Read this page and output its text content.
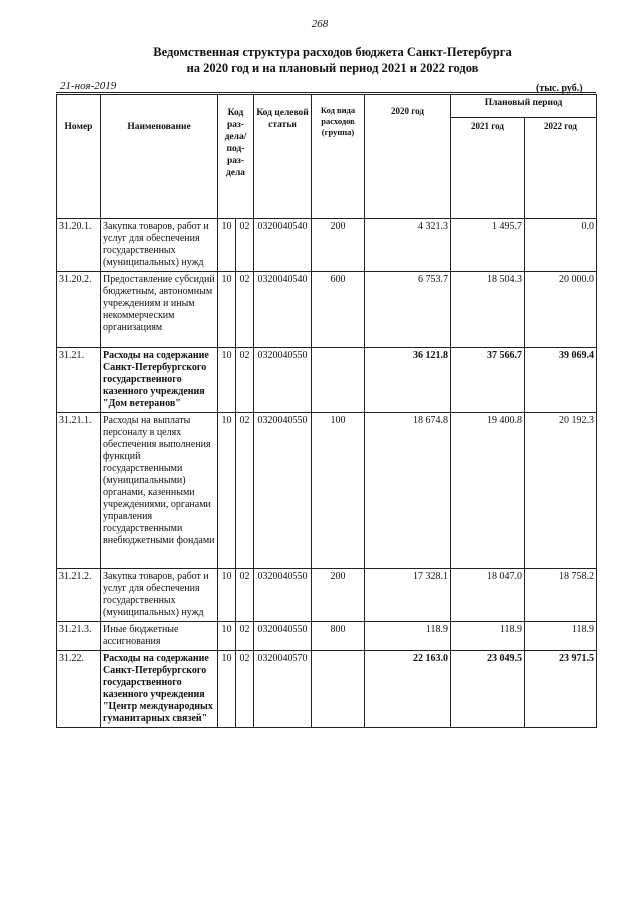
268
Ведомственная структура расходов бюджета Санкт-Петербурга
на 2020 год и на плановый период 2021 и 2022 годов
21-ноя-2019	(тыс. руб.)
Номер	Наименование	Код раз- дела/ под- раз- дела		Код целевой статьи	Код вида расходов (группа)	2020 год	Плановый период	

							2021 год	2022 год

31.20.1.	Закупка товаров, работ и услуг для обеспечения государственных (муниципальных) нужд	10	02	0320040540	200	4 321.3	1 495.7	0.0
31.20.2.	Предоставление субсидий бюджетным, автономным учреждениям и иным некоммерческим организациям	10	02	0320040540	600	6 753.7	18 504.3	20 000.0
31.21.	Расходы на содержание Санкт-Петербургского государственного казенного учреждения "Дом ветеранов"	10	02	0320040550		36 121.8	37 566.7	39 069.4
31.21.1.	Расходы на выплаты персоналу в целях обеспечения выполнения функций государственными (муниципальными) органами, казенными учреждениями, органами управления государственными внебюджетными фондами	10	02	0320040550	100	18 674.8	19 400.8	20 192.3
31.21.2.	Закупка товаров, работ и услуг для обеспечения государственных (муниципальных) нужд	10	02	0320040550	200	17 328.1	18 047.0	18 758.2
31.21.3.	Иные бюджетные ассигнования	10	02	0320040550	800	118.9	118.9	118.9
31.22.	Расходы на содержание Санкт-Петербургского государственного казенного учреждения "Центр международных гуманитарных связей"	10	02	0320040570		22 163.0	23 049.5	23 971.5
